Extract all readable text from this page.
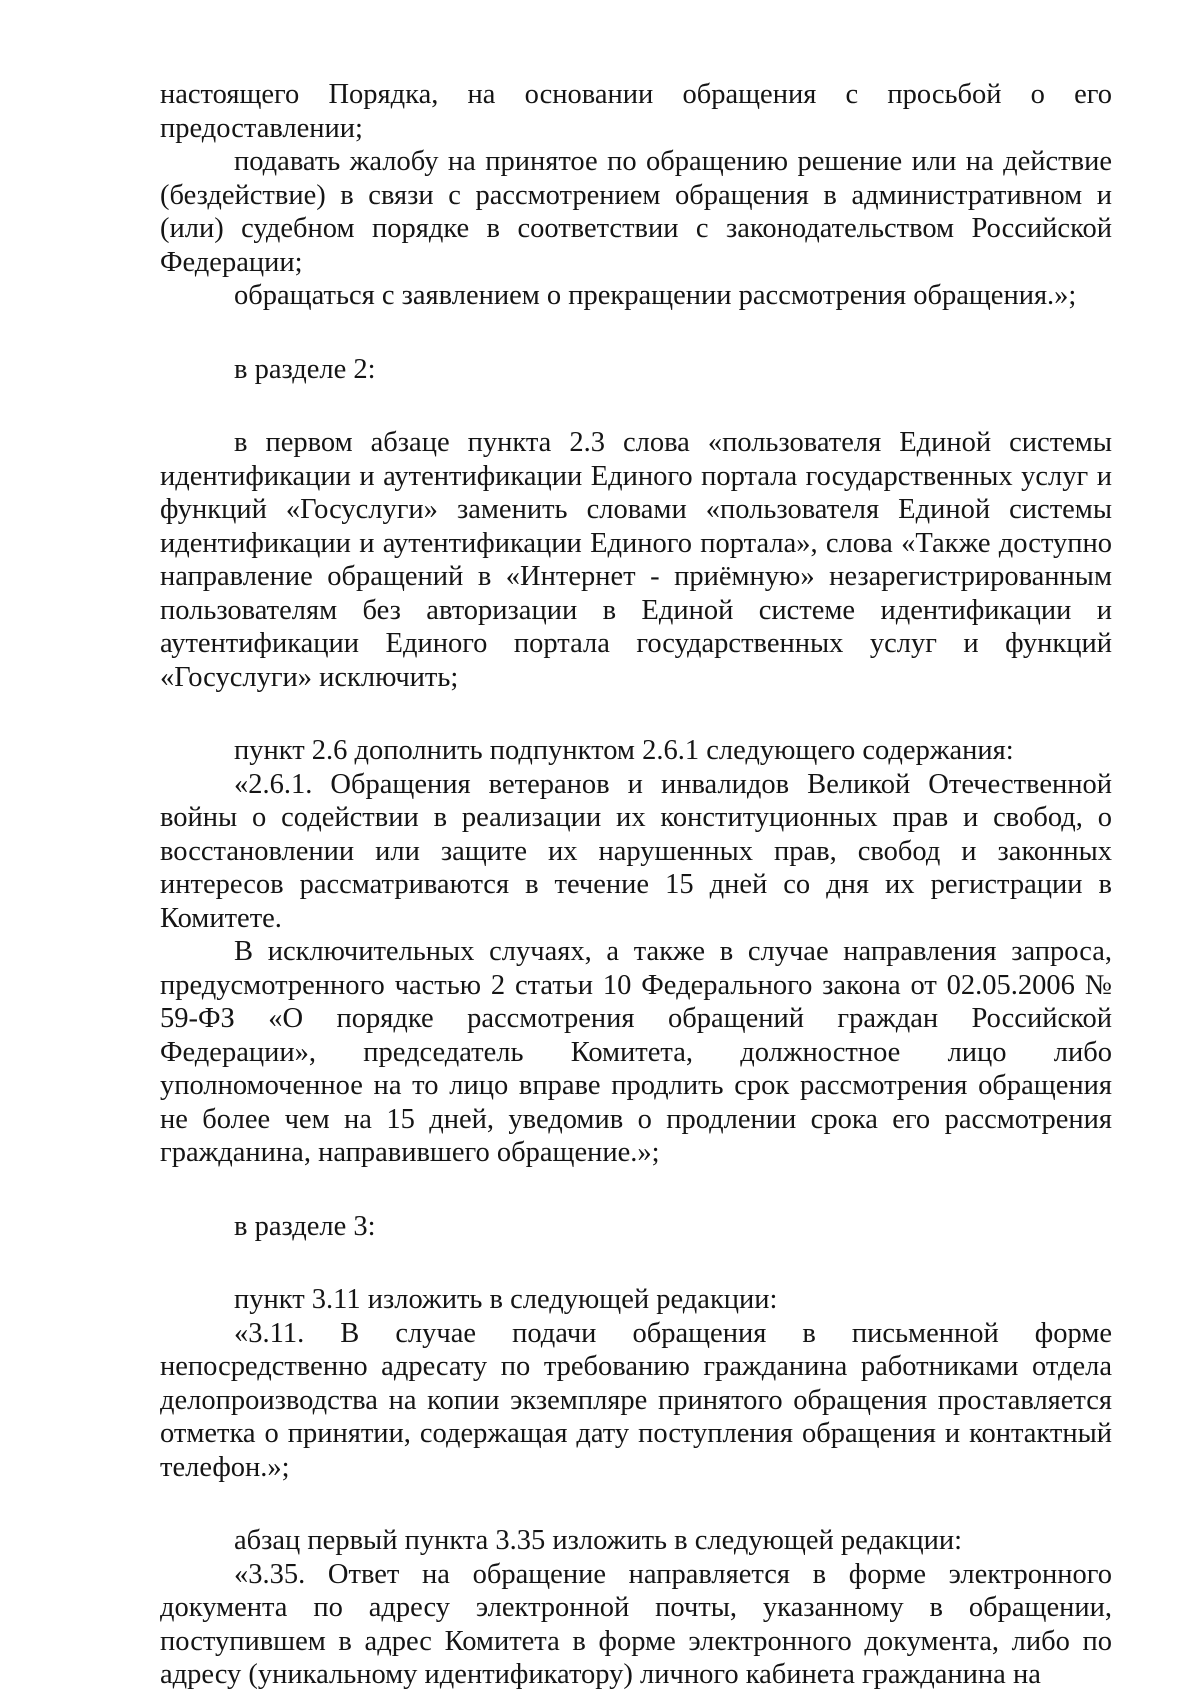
настоящего Порядка, на основании обращения с просьбой о его предоставлении;

подавать жалобу на принятое по обращению решение или на действие (бездействие) в связи с рассмотрением обращения в административном и (или) судебном порядке в соответствии с законодательством Российской Федерации;

обращаться с заявлением о прекращении рассмотрения обращения.»;

в разделе 2:

в первом абзаце пункта 2.3 слова «пользователя Единой системы идентификации и аутентификации Единого портала государственных услуг и функций «Госуслуги» заменить словами «пользователя Единой системы идентификации и аутентификации Единого портала», слова «Также доступно направление обращений в «Интернет - приёмную» незарегистрированным пользователям без авторизации в Единой системе идентификации и аутентификации Единого портала государственных услуг и функций «Госуслуги» исключить;

пункт 2.6 дополнить подпунктом 2.6.1 следующего содержания:

«2.6.1. Обращения ветеранов и инвалидов Великой Отечественной войны о содействии в реализации их конституционных прав и свобод, о восстановлении или защите их нарушенных прав, свобод и законных интересов рассматриваются в течение 15 дней со дня их регистрации в Комитете.

В исключительных случаях, а также в случае направления запроса, предусмотренного частью 2 статьи 10 Федерального закона от 02.05.2006 № 59-ФЗ «О порядке рассмотрения обращений граждан Российской Федерации», председатель Комитета, должностное лицо либо уполномоченное на то лицо вправе продлить срок рассмотрения обращения не более чем на 15 дней, уведомив о продлении срока его рассмотрения гражданина, направившего обращение.»;

в разделе 3:

пункт 3.11 изложить в следующей редакции:

«3.11. В случае подачи обращения в письменной форме непосредственно адресату по требованию гражданина работниками отдела делопроизводства на копии экземпляре принятого обращения проставляется отметка о принятии, содержащая дату поступления обращения и контактный телефон.»;

абзац первый пункта 3.35 изложить в следующей редакции:

«3.35. Ответ на обращение направляется в форме электронного документа по адресу электронной почты, указанному в обращении, поступившем в адрес Комитета в форме электронного документа, либо по адресу (уникальному идентификатору) личного кабинета гражданина на
